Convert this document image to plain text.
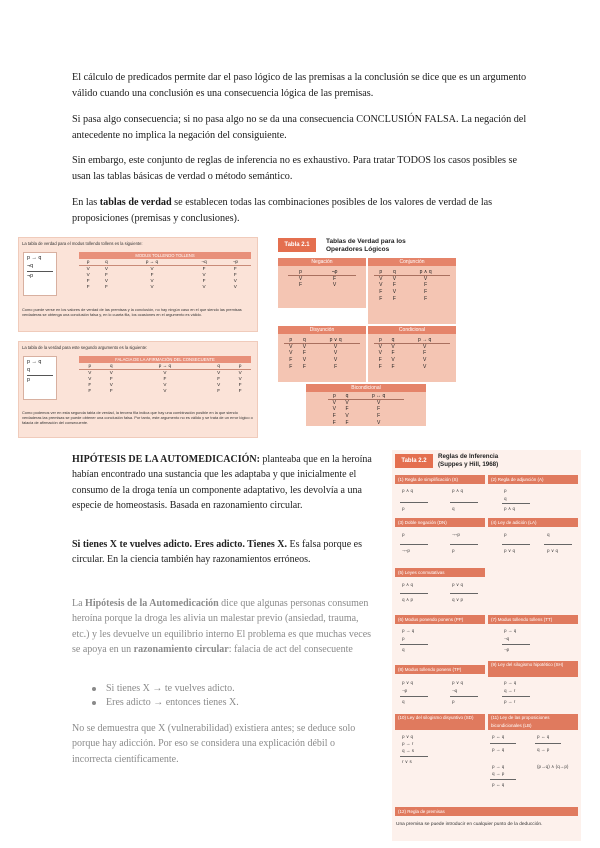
El cálculo de predicados permite dar el paso lógico de las premisas a la conclusión se dice que es un argumento válido cuando una conclusión es una consecuencia lógica de las premisas.

Si pasa algo consecuencia; si no pasa algo no se da una consecuencia CONCLUSIÓN FALSA. La negación del antecedente no implica la negación del consiguiente.

Sin embargo, este conjunto de reglas de inferencia no es exhaustivo. Para tratar TODOS los casos posibles se usan las tablas básicas de verdad o método semántico.

En las tablas de verdad se establecen todas las combinaciones posibles de los valores de verdad de las proposiciones (premisas y conclusiones).

La tabla de verdad para el modus tollendo tollens es la siguiente:
p → q
¬q
¬p
MODUS TOLLENDO TOLLENS				
p	q	p → q	¬q	¬p
V	V	V	F	F
V	F	F	V	F
F	V	V	F	V
F	F	V	V	V
Como puede verse en los valores de verdad de las premisas y la conclusión, no hay ningún caso en el que siendo las premisas verdaderas se obtenga una conclusión falsa y, en lo cuarta fila, los ocasiones en el argumento es válido.
La tabla de la verdad para este segundo argumento es la siguiente:
p → q
q
p
FALACIA DE LA AFIRMACIÓN DEL CONSECUENTE				
p	q	p → q	q	p
V	V	V	V	V
V	F	F	F	V
F	V	V	V	F
F	F	V	F	F
Como podemos ver en esta segunda tabla de verdad, la tercera fila indica que hay una combinación posible en la que siendo verdaderas las premisas se puede obtener una conclusión falsa. Por tanto, este argumento no es válido y se trata de un error lógico o falacia de afirmación del consecuente.
Tabla 2.1	Tablas de Verdad para los
Operadores Lógicos
Negación
p	¬p
V	F
F	V
Conjunción
p	q	p ∧ q
V	V	V
V	F	F
F	V	F
F	F	F
Disyunción
p	q	p ∨ q
V	V	V
V	F	V
F	V	V
F	F	F
Condicional
p	q	p → q
V	V	V
V	F	F
F	V	V
F	F	V
Bicondicional
p	q	p ↔ q
V	V	V
V	F	F
F	V	F
F	F	V

HIPÓTESIS DE LA AUTOMEDICACIÓN: planteaba que en la heroína habían encontrado una sustancia que les adaptaba y que inicialmente el consumo de la droga tenía un componente adaptativo, les devolvía a una especie de homeostasis. Basada en razonamiento circular.

Si tienes X te vuelves adicto. Eres adicto. Tienes X. Es falsa porque es circular. En la ciencia también hay razonamientos erróneos.

La Hipótesis de la Automedicación dice que algunas personas consumen heroína porque la droga les alivia un malestar previo (ansiedad, trauma, etc.) y les devuelve un equilibrio interno El problema es que muchas veces se apoya en un razonamiento circular: falacia de act del consecuente

Si tienes X → te vuelves adicto.
Eres adicto → entonces tienes X.

No se demuestra que X (vulnerabilidad) existiera antes; se deduce solo porque hay adicción. Por eso se considera una explicación débil o incorrecta científicamente.

Tabla 2.2
Reglas de Inferencia
(Suppes y Hill, 1968)
(1) Regla de simplificación (S)	(2) Regla de adjunción (A)
p ∧ q	p ∧ q
p	q
p
q
p ∧ q
(3) Doble negación (DN)	(4) Ley de adición (LA)
p	¬¬p
¬¬p	p
p	q
p ∨ q	p ∨ q
(5) Leyes conmutativas
p ∧ q	p ∨ q
q ∧ p	q ∨ p
(6) Modus ponendo ponens (PP)	(7) Modus tollendo tollens (TT)
p → q
p
q
p → q
¬q
¬p
(8) Modus tollendo ponens (TP)
(9) Ley del silogismo hipotético (SH)
p ∨ q
¬p
q
p ∨ q
¬q
p
p → q
q → r
p → r
(10) Ley del silogismo disyuntivo (SD)	(11) Ley de las proposiciones bicondicionales (LB)
p ∨ q
p → r
q → s
r ∨ s
p ↔ q	p ↔ q
p → q	q → p
p → q
q → p
p ↔ q
(p→q) ∧ (q→p)
(12) Regla de premisas
Una premisa se puede introducir en cualquier punto de la deducción.
